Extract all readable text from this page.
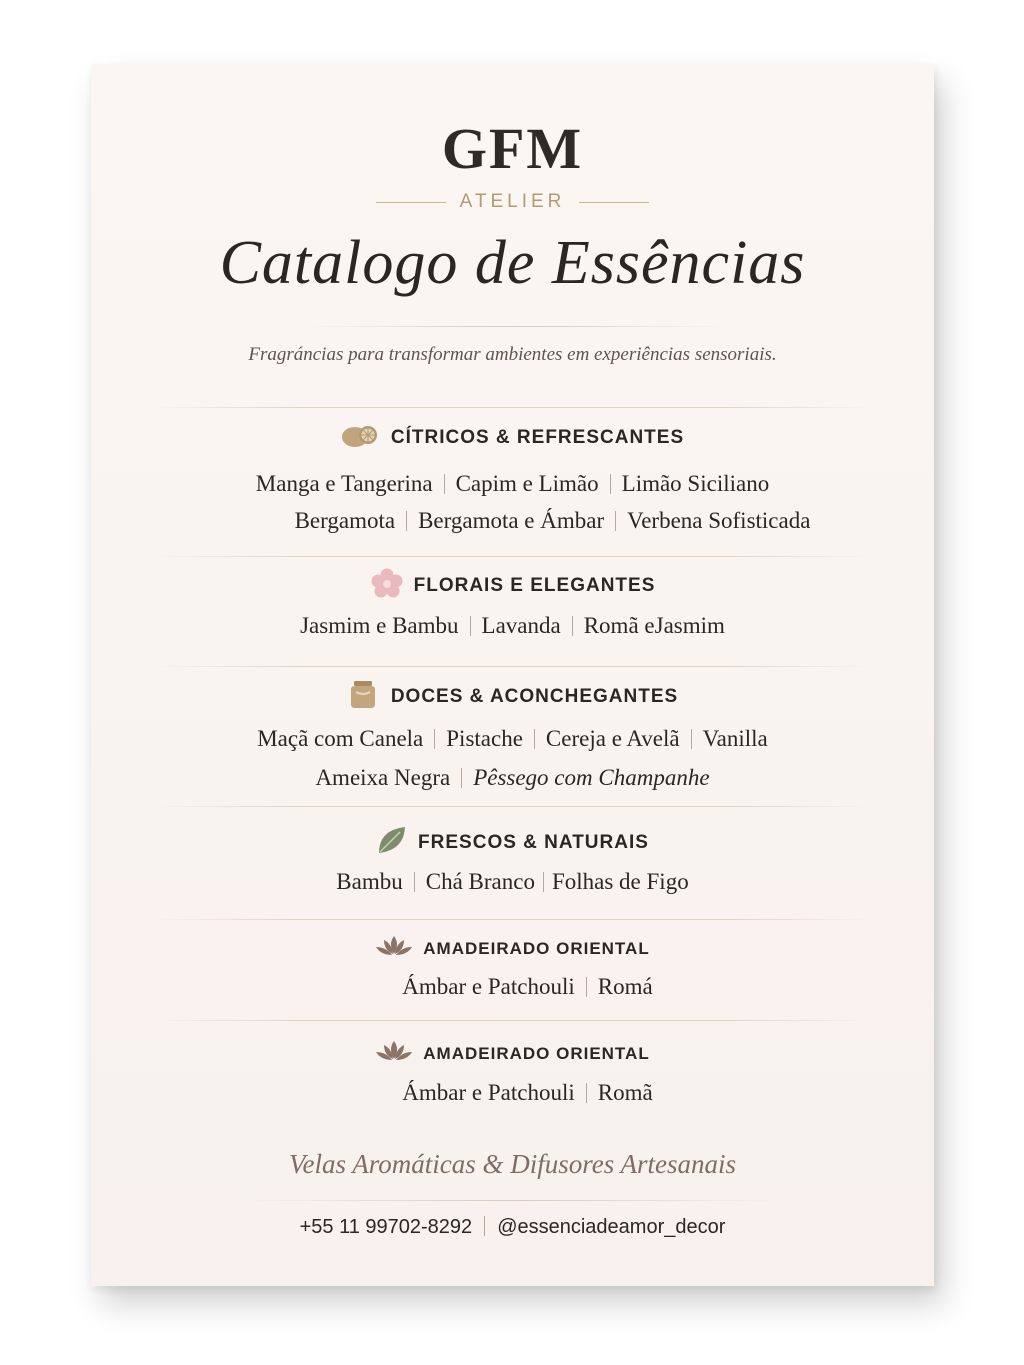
GFM
ATELIER
Catalogo de Essências
Fragráncias para transformar ambientes em experiências sensoriais.
CÍTRICOS & REFRESCANTES
Manga e Tangerina Capim e Limão Limão Siciliano
Bergamota Bergamota e Ámbar Verbena Sofisticada
FLORAIS E ELEGANTES
Jasmim e Bambu Lavanda Romã eJasmim
DOCES & ACONCHEGANTES
Maçã com Canela Pistache Cereja e Avelã Vanilla
Ameixa Negra Pêssego com Champanhe
FRESCOS & NATURAIS
Bambu Chá Branco Folhas de Figo
AMADEIRADO ORIENTAL
Ámbar e Patchouli Romá
AMADEIRADO ORIENTAL
Ámbar e Patchouli Romã
Velas Aromáticas & Difusores Artesanais
+55 11 99702-8292 @essenciadeamor_decor
